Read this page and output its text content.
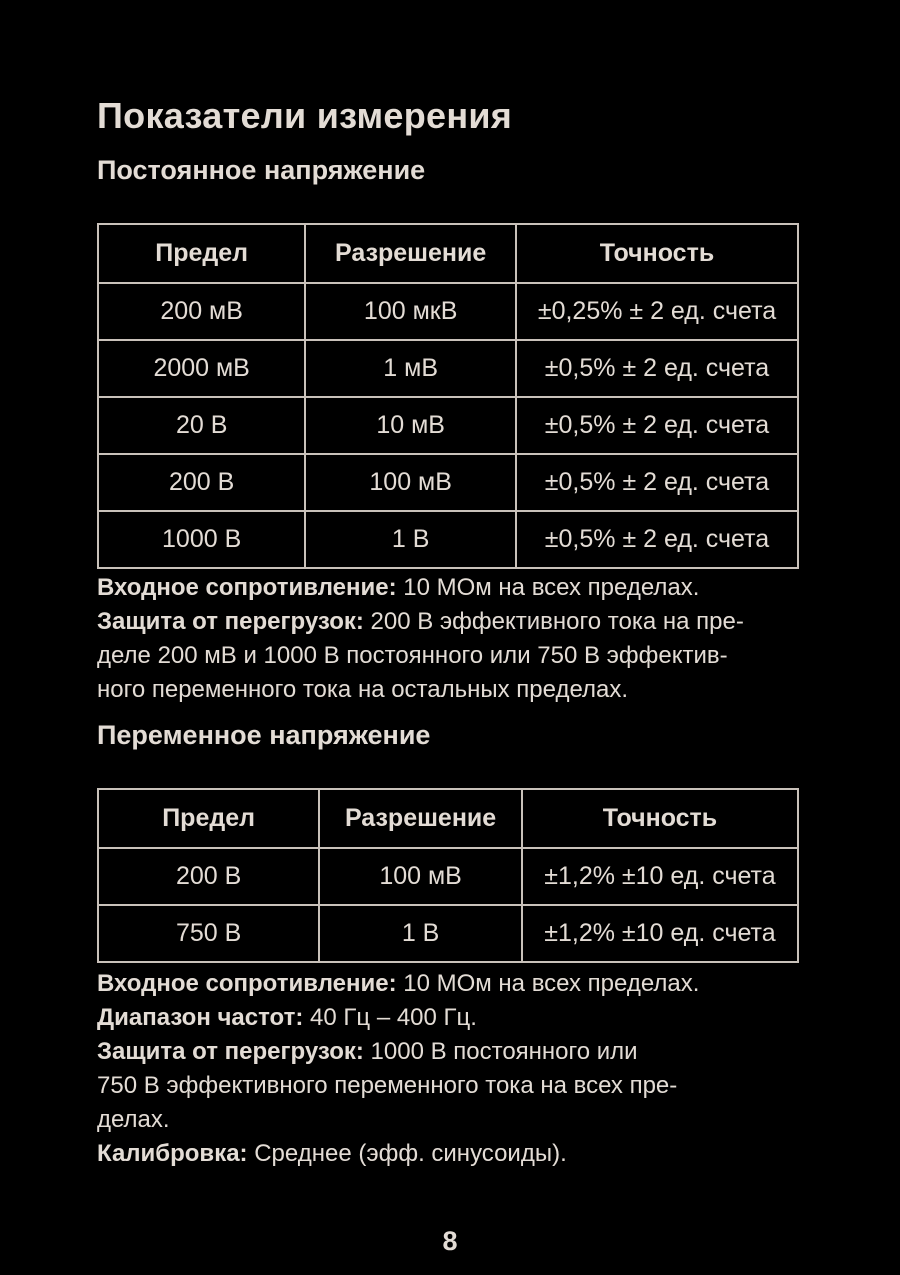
Показатели измерения
Постоянное напряжение
Предел	Разрешение	Точность
200 мВ	100 мкВ	±0,25% ± 2 ед. счета
2000 мВ	1 мВ	±0,5% ± 2 ед. счета
20 В	10 мВ	±0,5% ± 2 ед. счета
200 В	100 мВ	±0,5% ± 2 ед. счета
1000 В	1 В	±0,5% ± 2 ед. счета

Входное сопротивление: 10 МОм на всех пределах.

Защита от перегрузок: 200 В эффективного тока на пре-
деле 200 мВ и 1000 В постоянного или 750 В эффектив-
ного переменного тока на остальных пределах.

Переменное напряжение
Предел	Разрешение	Точность
200 В	100 мВ	±1,2% ±10 ед. счета
750 В	1 В	±1,2% ±10 ед. счета

Входное сопротивление: 10 МОм на всех пределах.

Диапазон частот: 40 Гц – 400 Гц.

Защита от перегрузок: 1000 В постоянного или
750 В эффективного переменного тока на всех пре-
делах.

Калибровка: Среднее (эфф. синусоиды).

8
